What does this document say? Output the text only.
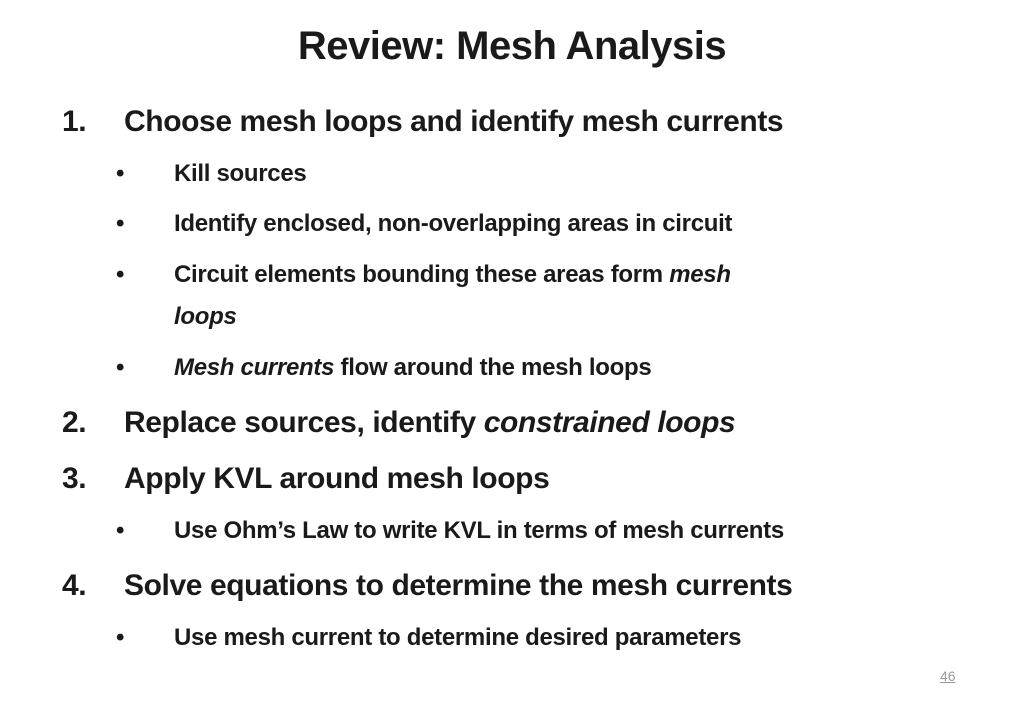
Review: Mesh Analysis
1. Choose mesh loops and identify mesh currents
• Kill sources
• Identify enclosed, non-overlapping areas in circuit
• Circuit elements bounding these areas form mesh
loops
• Mesh currents flow around the mesh loops
2. Replace sources, identify constrained loops
3. Apply KVL around mesh loops
• Use Ohm’s Law to write KVL in terms of mesh currents
4. Solve equations to determine the mesh currents
• Use mesh current to determine desired parameters
46
